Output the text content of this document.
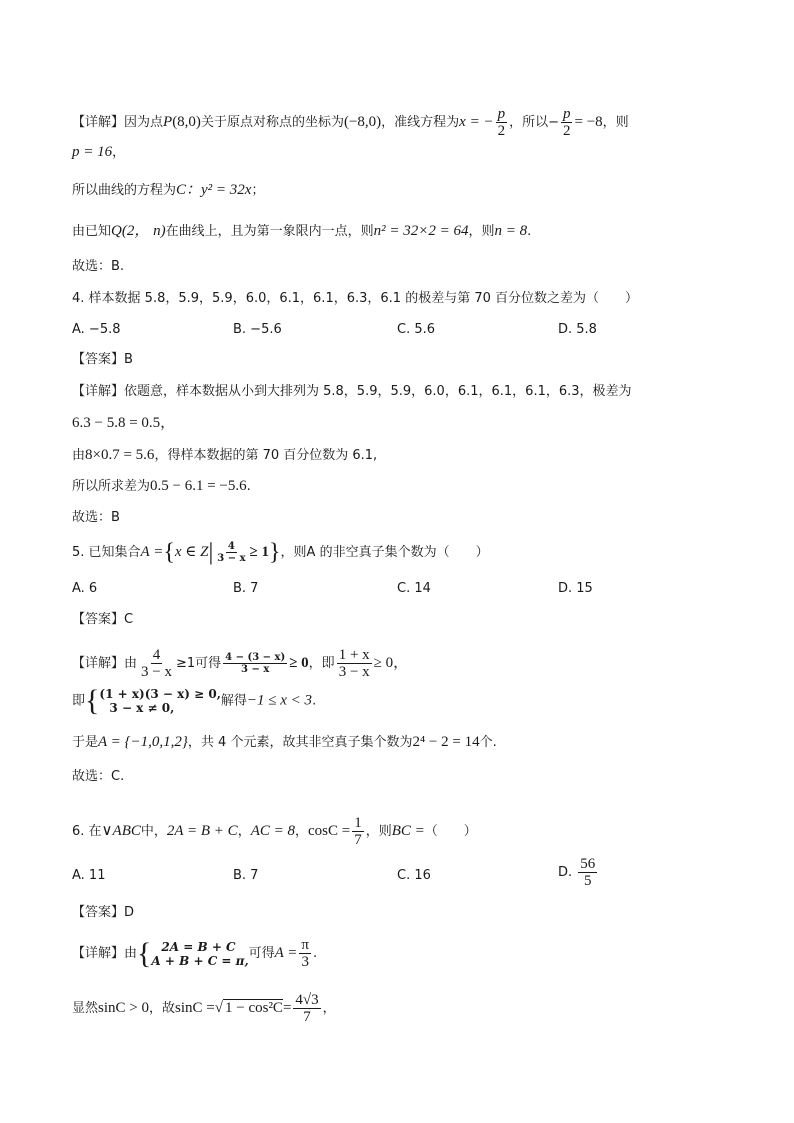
【详解】因为点P(8,0)关于原点对称点的坐标为(−8,0)，准线方程为x = − $\frac{p}{2}$ ，所以− $\frac{p}{2} = -8$，则
p = 16，
所以曲线的方程为C：y² = 32x；
由已知Q(2， n)在曲线上，且为第一象限内一点，则n² = 32×2 = 64，则n = 8.
故选：B.
4. 样本数据 5.8，5.9，5.9，6.0，6.1，6.1，6.3，6.1 的极差与第 70 百分位数之差为（　　）
A. −5.8	B. −5.6	C. 5.6	D. 5.8
【答案】B
【详解】依题意，样本数据从小到大排列为 5.8，5.9，5.9，6.0，6.1，6.1，6.1，6.3，极差为
6.3 − 5.8 = 0.5，
由8×0.7 = 5.6，得样本数据的第 70 百分位数为 6.1,
所以所求差为0.5 − 6.1 = −5.6.
故选：B
5. 已知集合A ={x ∈ $Z| \frac{4}{3 - x} \ge 1$}，则A 的非空真子集个数为（　　）
A. 6	B. 7	C. 14	D. 15
【答案】C
【详解】由 $\frac{4}{3 - x} \ge 1$可得 $\frac{4 - (3 - x)}{3 - x} \ge 0$，即 $\frac{1 + x}{3 - x} \ge 0$，
即 { (1 + x)(3 − x) ≥ 0,
3 − x ≠ 0,	解得−1 ≤ x < 3.
于是A = {−1,0,1,2}，共 4 个元素，故其非空真子集个数为2⁴ − 2 = 14个.
故选：C.
6. 在∨ABC中，2A = B + C，AC = 8，$\cos C = \frac{1}{7}$ ，则BC =（　　）
A. 11	B. 7	C. 16	D. $\frac{56}{5}$
【答案】D
【详解】由 { 2A = B + C
A + B + C = π, 可得$A = \frac{\pi}{3}$ .
显然sinC > 0，故sinC =√ $1 - \cos^2C= \frac{4√3}{7}$ ，
